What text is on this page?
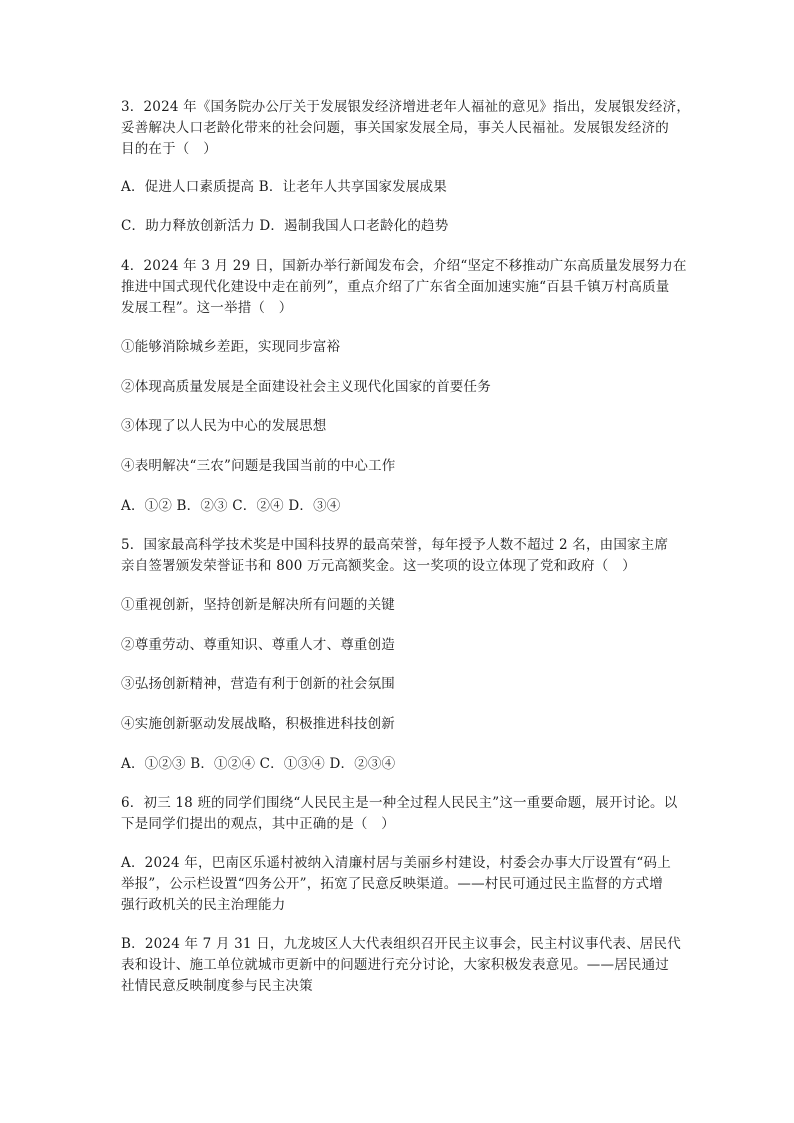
3．2024 年《国务院办公厅关于发展银发经济增进老年人福祉的意见》指出，发展银发经济，
妥善解决人口老龄化带来的社会问题，事关国家发展全局，事关人民福祉。发展银发经济的
目的在于（　）
A．促进人口素质提高 B．让老年人共享国家发展成果
C．助力释放创新活力 D．遏制我国人口老龄化的趋势
4．2024 年 3 月 29 日，国新办举行新闻发布会，介绍“坚定不移推动广东高质量发展努力在
推进中国式现代化建设中走在前列”，重点介绍了广东省全面加速实施“百县千镇万村高质量
发展工程”。这一举措（　）
①能够消除城乡差距，实现同步富裕
②体现高质量发展是全面建设社会主义现代化国家的首要任务
③体现了以人民为中心的发展思想
④表明解决“三农”问题是我国当前的中心工作
A．①② B．②③ C．②④ D．③④
5．国家最高科学技术奖是中国科技界的最高荣誉，每年授予人数不超过 2 名，由国家主席
亲自签署颁发荣誉证书和 800 万元高额奖金。这一奖项的设立体现了党和政府（　）
①重视创新，坚持创新是解决所有问题的关键
②尊重劳动、尊重知识、尊重人才、尊重创造
③弘扬创新精神，营造有利于创新的社会氛围
④实施创新驱动发展战略，积极推进科技创新
A．①②③ B．①②④ C．①③④ D．②③④
6．初三 18 班的同学们围绕“人民民主是一种全过程人民民主”这一重要命题，展开讨论。以
下是同学们提出的观点，其中正确的是（　）
A．2024 年，巴南区乐遥村被纳入清廉村居与美丽乡村建设，村委会办事大厅设置有“码上
举报”，公示栏设置“四务公开”，拓宽了民意反映渠道。——村民可通过民主监督的方式增
强行政机关的民主治理能力
B．2024 年 7 月 31 日，九龙坡区人大代表组织召开民主议事会，民主村议事代表、居民代
表和设计、施工单位就城市更新中的问题进行充分讨论，大家积极发表意见。——居民通过
社情民意反映制度参与民主决策
